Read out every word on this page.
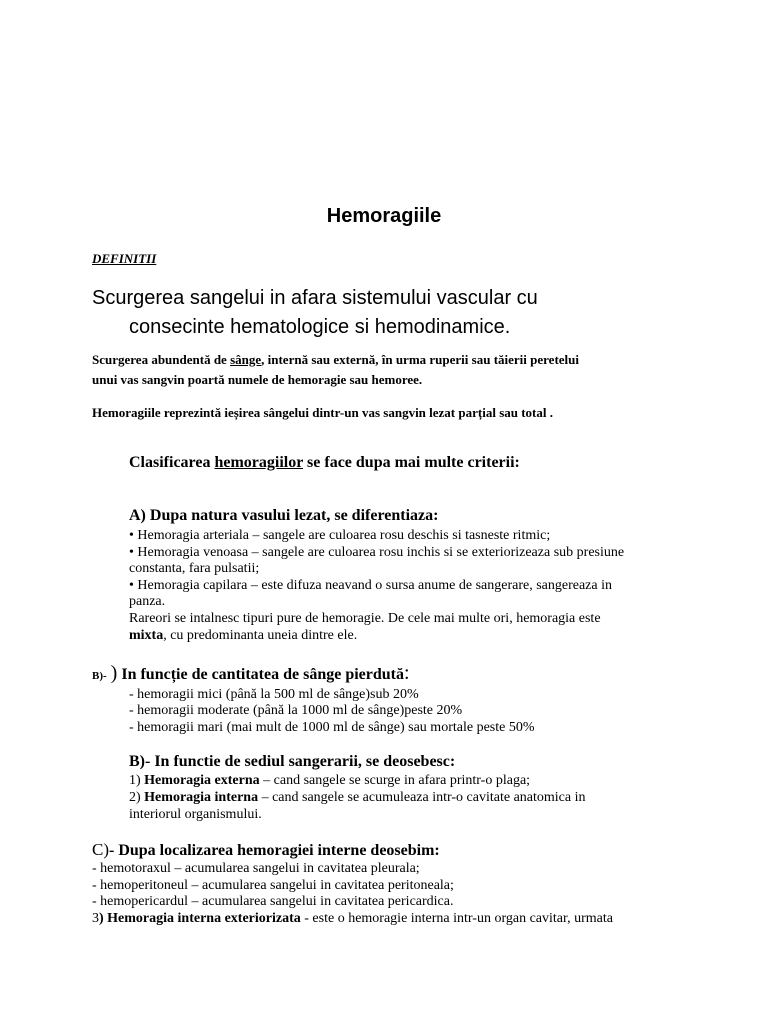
Hemoragiile
DEFINITII
Scurgerea sangelui in afara sistemului vascular cu
consecinte hematologice si hemodinamice.
Scurgerea abundentă de sânge, internă sau externă, în urma ruperii sau tăierii peretelui
unui vas sangvin poartă numele de hemoragie sau hemoree.
Hemoragiile reprezintă ieșirea sângelui dintr-un vas sangvin lezat parțial sau total .
Clasificarea hemoragiilor se face dupa mai multe criterii:
A) Dupa natura vasului lezat, se diferentiaza:
• Hemoragia arteriala – sangele are culoarea rosu deschis si tasneste ritmic;
• Hemoragia venoasa – sangele are culoarea rosu inchis si se exteriorizeaza sub presiune
constanta, fara pulsatii;
• Hemoragia capilara – este difuza neavand o sursa anume de sangerare, sangereaza in
panza.
Rareori se intalnesc tipuri pure de hemoragie. De cele mai multe ori, hemoragia este
mixta, cu predominanta uneia dintre ele.
B)- ) In funcție de cantitatea de sânge pierdută:
- hemoragii mici (până la 500 ml de sânge)sub 20%
- hemoragii moderate (până la 1000 ml de sânge)peste 20%
- hemoragii mari (mai mult de 1000 ml de sânge) sau mortale peste 50%
B)- In functie de sediul sangerarii, se deosebesc:
1) Hemoragia externa – cand sangele se scurge in afara printr-o plaga;
2) Hemoragia interna – cand sangele se acumuleaza intr-o cavitate anatomica in
interiorul organismului.
C)- Dupa localizarea hemoragiei interne deosebim:
- hemotoraxul – acumularea sangelui in cavitatea pleurala;
- hemoperitoneul – acumularea sangelui in cavitatea peritoneala;
- hemopericardul – acumularea sangelui in cavitatea pericardica.
3) Hemoragia interna exteriorizata - este o hemoragie interna intr-un organ cavitar, urmata
